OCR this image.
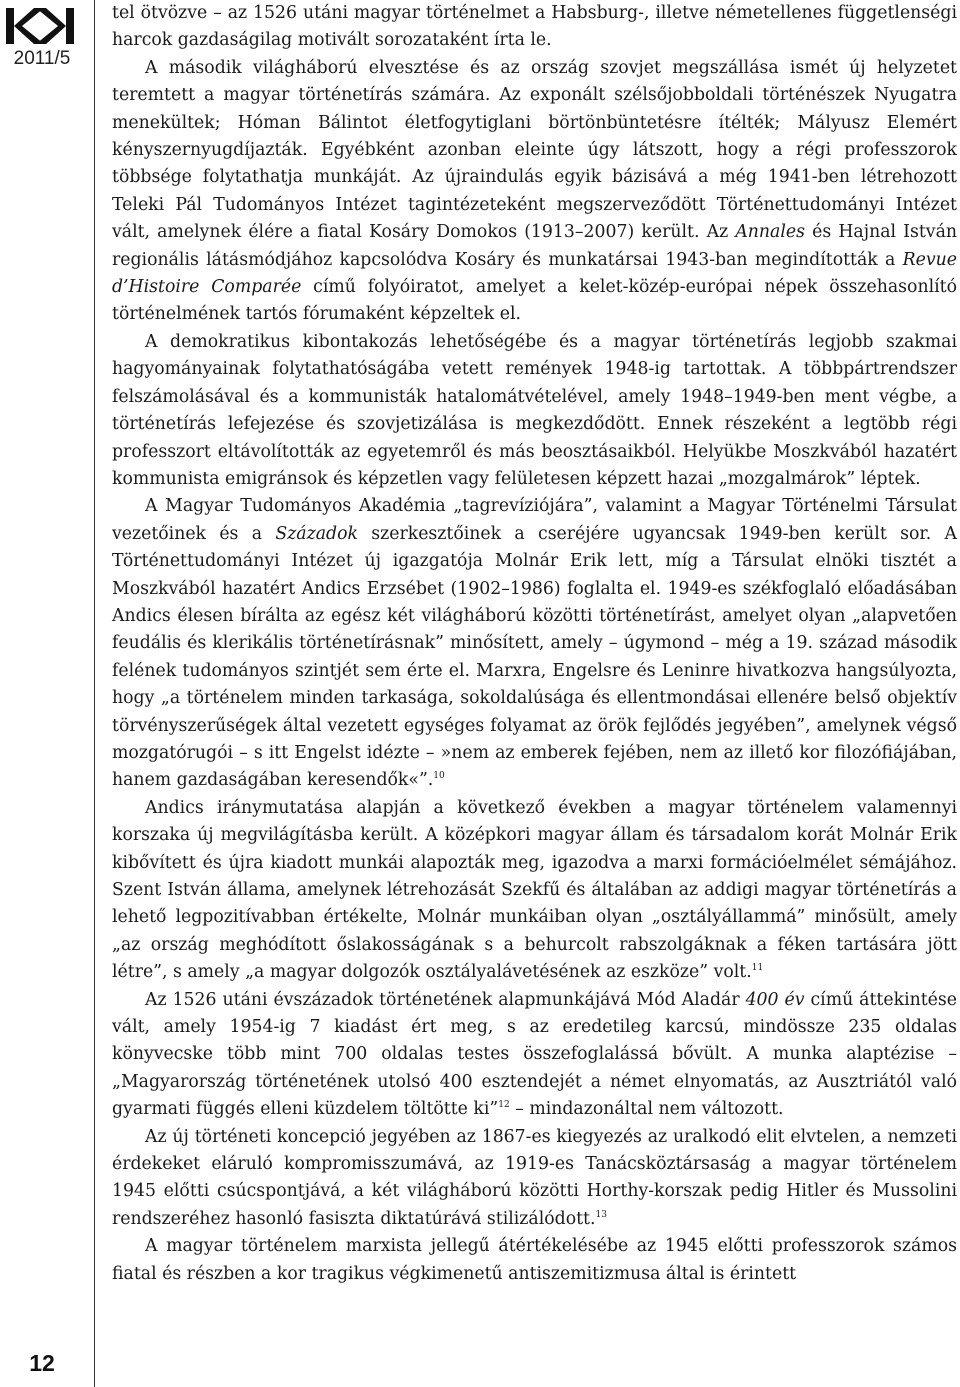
2011/5
12

tel ötvözve – az 1526 utáni magyar történelmet a Habsburg-, illetve németellenes függetlenségi harcok gazdaságilag motivált sorozataként írta le.

A második világháború elvesztése és az ország szovjet megszállása ismét új helyzetet teremtett a magyar történetírás számára. Az exponált szélsőjobboldali történészek Nyugatra menekültek; Hóman Bálintot életfogytiglani börtönbüntetésre ítélték; Mályusz Elemért kényszernyugdíjazták. Egyébként azonban eleinte úgy látszott, hogy a régi professzorok többsége folytathatja munkáját. Az újraindulás egyik bázisává a még 1941-ben létrehozott Teleki Pál Tudományos Intézet tagintézeteként megszerveződött Történettudományi Intézet vált, amelynek élére a fiatal Kosáry Domokos (1913–2007) került. Az Annales és Hajnal István regionális látásmódjához kapcsolódva Kosáry és munkatársai 1943-ban megindították a Revue d’Histoire Comparée című folyóiratot, amelyet a kelet-közép-európai népek összehasonlító történelmének tartós fórumaként képzeltek el.

A demokratikus kibontakozás lehetőségébe és a magyar történetírás legjobb szakmai hagyományainak folytathatóságába vetett remények 1948-ig tartottak. A többpártrendszer felszámolásával és a kommunisták hatalomátvételével, amely 1948–1949-ben ment végbe, a történetírás lefejezése és szovjetizálása is megkezdődött. Ennek részeként a legtöbb régi professzort eltávolították az egyetemről és más beosztásaikból. Helyükbe Moszkvából hazatért kommunista emigránsok és képzetlen vagy felületesen képzett hazai „mozgalmárok” léptek.

A Magyar Tudományos Akadémia „tagrevíziójára”, valamint a Magyar Történelmi Társulat vezetőinek és a Századok szerkesztőinek a cseréjére ugyancsak 1949-ben került sor. A Történettudományi Intézet új igazgatója Molnár Erik lett, míg a Társulat elnöki tisztét a Moszkvából hazatért Andics Erzsébet (1902–1986) foglalta el. 1949-es székfoglaló előadásában Andics élesen bírálta az egész két világháború közötti történetírást, amelyet olyan „alapvetően feudális és klerikális történetírásnak” minősített, amely – úgymond – még a 19. század második felének tudományos szintjét sem érte el. Marxra, Engelsre és Leninre hivatkozva hangsúlyozta, hogy „a történelem minden tarkasága, sokoldalúsága és ellentmondásai ellenére belső objektív törvényszerűségek által vezetett egységes folyamat az örök fejlődés jegyében”, amelynek végső mozgatórugói – s itt Engelst idézte – »nem az emberek fejében, nem az illető kor filozófiájában, hanem gazdaságában keresendők«”.$^{10}$

Andics iránymutatása alapján a következő években a magyar történelem valamennyi korszaka új megvilágításba került. A középkori magyar állam és társadalom korát Molnár Erik kibővített és újra kiadott munkái alapozták meg, igazodva a marxi formációelmélet sémájához. Szent István állama, amelynek létrehozását Szekfű és általában az addigi magyar történetírás a lehető legpozitívabban értékelte, Molnár munkáiban olyan „osztályállammá” minősült, amely „az ország meghódított őslakosságának s a behurcolt rabszolgáknak a féken tartására jött létre”, s amely „a magyar dolgozók osztályalávetésének az eszköze” volt.$^{11}$

Az 1526 utáni évszázadok történetének alapmunkájává Mód Aladár 400 év című áttekintése vált, amely 1954-ig 7 kiadást ért meg, s az eredetileg karcsú, mindössze 235 oldalas könyvecske több mint 700 oldalas testes összefoglalássá bővült. A munka alaptézise – „Magyarország történetének utolsó 400 esztendejét a német elnyomatás, az Ausztriától való gyarmati függés elleni küzdelem töltötte ki”$^{12}$ – mindazonáltal nem változott.

Az új történeti koncepció jegyében az 1867-es kiegyezés az uralkodó elit elvtelen, a nemzeti érdekeket eláruló kompromisszumává, az 1919-es Tanácsköztársaság a magyar történelem 1945 előtti csúcspontjává, a két világháború közötti Horthy-korszak pedig Hitler és Mussolini rendszeréhez hasonló fasiszta diktatúrává stilizálódott.$^{13}$

A magyar történelem marxista jellegű átértékelésébe az 1945 előtti professzorok számos fiatal és részben a kor tragikus végkimenetű antiszemitizmusa által is érintett
